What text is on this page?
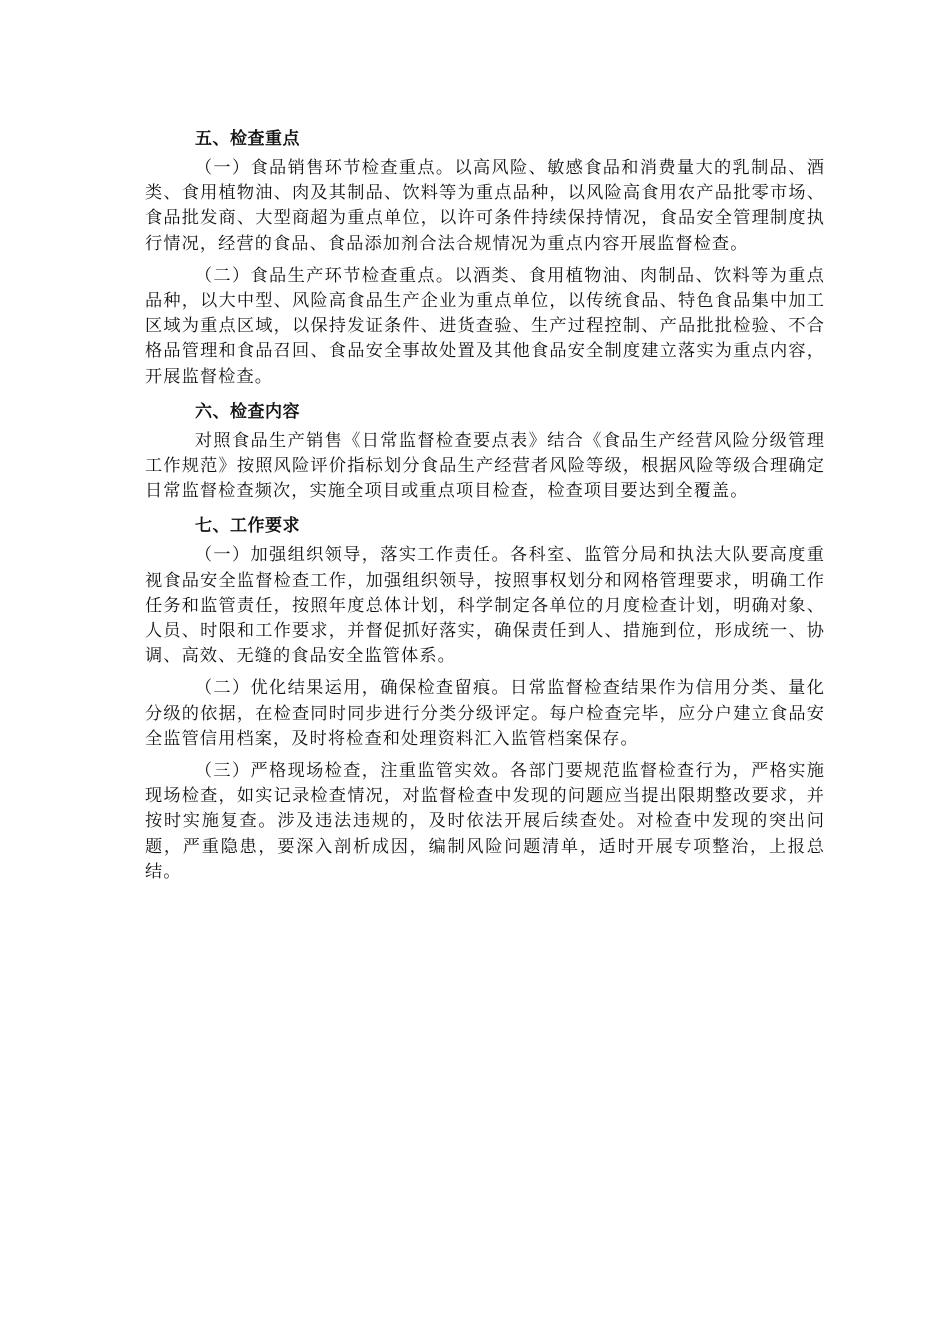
五、检查重点

（一）食品销售环节检查重点。以高风险、敏感食品和消费量大的乳制品、酒类、食用植物油、肉及其制品、饮料等为重点品种，以风险高食用农产品批零市场、食品批发商、大型商超为重点单位，以许可条件持续保持情况，食品安全管理制度执行情况，经营的食品、食品添加剂合法合规情况为重点内容开展监督检查。

（二）食品生产环节检查重点。以酒类、食用植物油、肉制品、饮料等为重点品种，以大中型、风险高食品生产企业为重点单位，以传统食品、特色食品集中加工区域为重点区域，以保持发证条件、进货查验、生产过程控制、产品批批检验、不合格品管理和食品召回、食品安全事故处置及其他食品安全制度建立落实为重点内容，开展监督检查。

六、检查内容

对照食品生产销售《日常监督检查要点表》结合《食品生产经营风险分级管理工作规范》按照风险评价指标划分食品生产经营者风险等级，根据风险等级合理确定日常监督检查频次，实施全项目或重点项目检查，检查项目要达到全覆盖。

七、工作要求

（一）加强组织领导，落实工作责任。各科室、监管分局和执法大队要高度重视食品安全监督检查工作，加强组织领导，按照事权划分和网格管理要求，明确工作任务和监管责任，按照年度总体计划，科学制定各单位的月度检查计划，明确对象、人员、时限和工作要求，并督促抓好落实，确保责任到人、措施到位，形成统一、协调、高效、无缝的食品安全监管体系。

（二）优化结果运用，确保检查留痕。日常监督检查结果作为信用分类、量化分级的依据，在检查同时同步进行分类分级评定。每户检查完毕，应分户建立食品安全监管信用档案，及时将检查和处理资料汇入监管档案保存。

（三）严格现场检查，注重监管实效。各部门要规范监督检查行为，严格实施现场检查，如实记录检查情况，对监督检查中发现的问题应当提出限期整改要求，并按时实施复查。涉及违法违规的，及时依法开展后续查处。对检查中发现的突出问题，严重隐患，要深入剖析成因，编制风险问题清单，适时开展专项整治，上报总结。
